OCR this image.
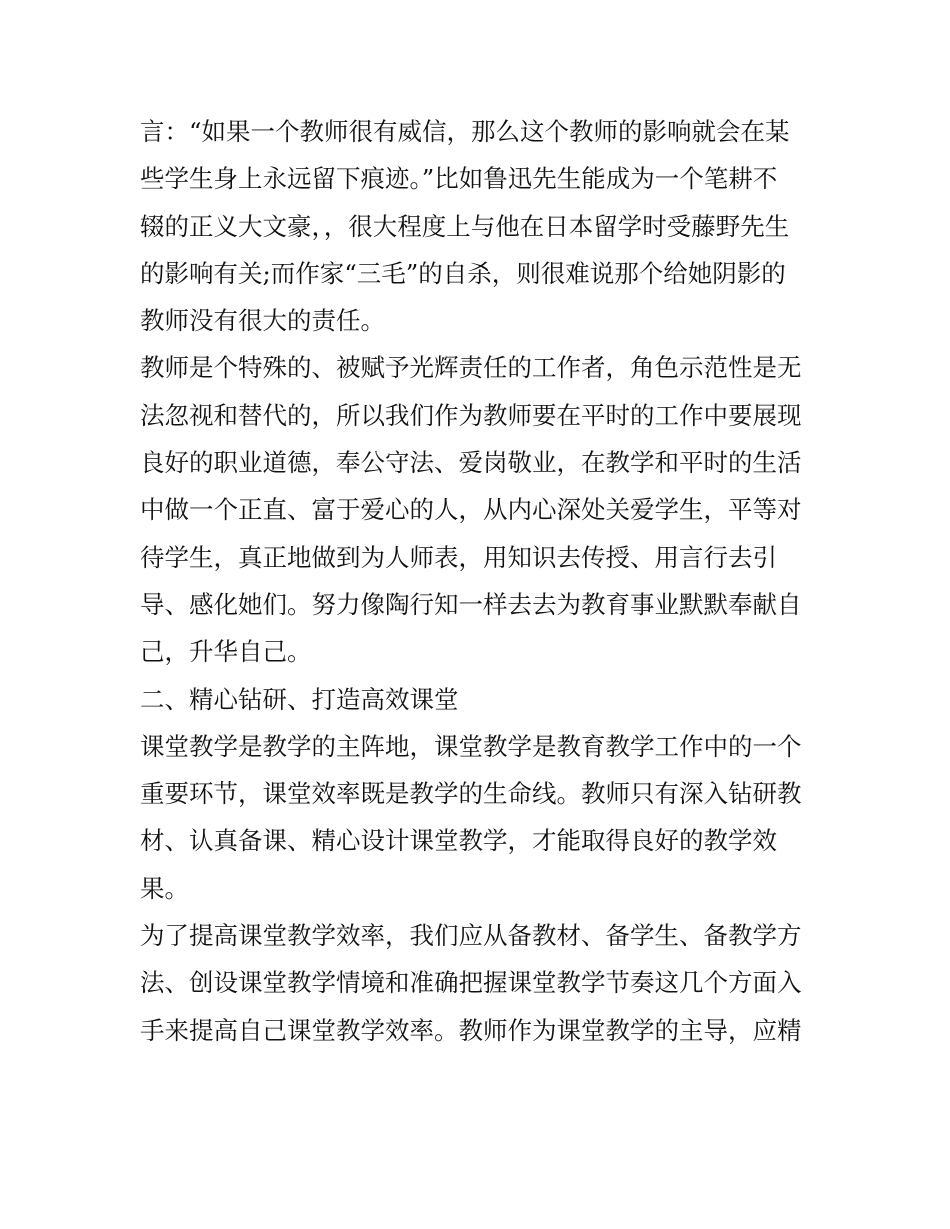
言：“如果一个教师很有威信，那么这个教师的影响就会在某
些学生身上永远留下痕迹。”比如鲁迅先生能成为一个笔耕不
辍的正义大文豪，，很大程度上与他在日本留学时受藤野先生
的影响有关;而作家“三毛”的自杀，则很难说那个给她阴影的
教师没有很大的责任。
教师是个特殊的、被赋予光辉责任的工作者，角色示范性是无
法忽视和替代的，所以我们作为教师要在平时的工作中要展现
良好的职业道德，奉公守法、爱岗敬业，在教学和平时的生活
中做一个正直、富于爱心的人，从内心深处关爱学生，平等对
待学生，真正地做到为人师表，用知识去传授、用言行去引
导、感化她们。努力像陶行知一样去去为教育事业默默奉献自
己，升华自己。
二、精心钻研、打造高效课堂
课堂教学是教学的主阵地，课堂教学是教育教学工作中的一个
重要环节，课堂效率既是教学的生命线。教师只有深入钻研教
材、认真备课、精心设计课堂教学，才能取得良好的教学效
果。
为了提高课堂教学效率，我们应从备教材、备学生、备教学方
法、创设课堂教学情境和准确把握课堂教学节奏这几个方面入
手来提高自己课堂教学效率。教师作为课堂教学的主导，应精
